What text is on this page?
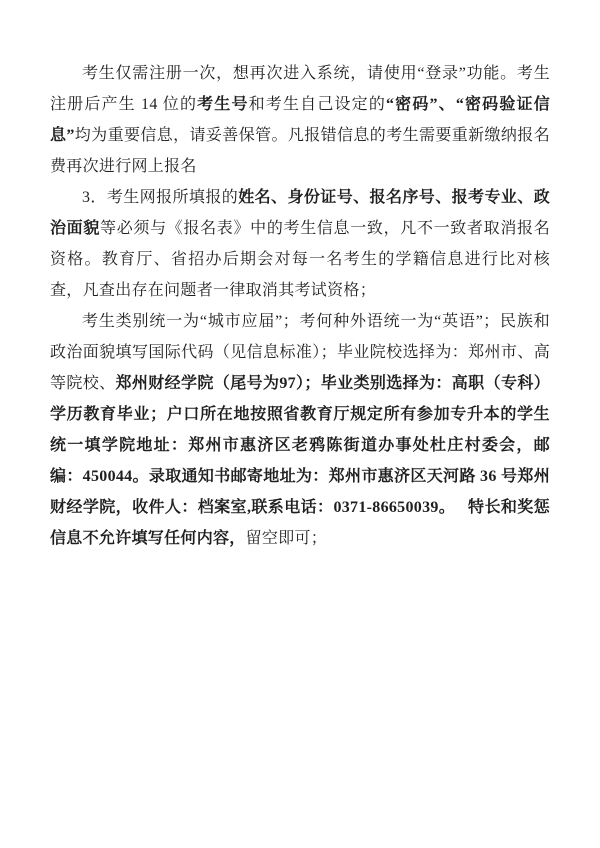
考生仅需注册一次，想再次进入系统，请使用“登录”功能。考生注册后产生 14 位的考生号和考生自己设定的“密码”、“密码验证信息”均为重要信息，请妥善保管。凡报错信息的考生需要重新缴纳报名费再次进行网上报名

3．考生网报所填报的姓名、身份证号、报名序号、报考专业、政治面貌等必须与《报名表》中的考生信息一致，凡不一致者取消报名资格。教育厅、省招办后期会对每一名考生的学籍信息进行比对核查，凡查出存在问题者一律取消其考试资格；

考生类别统一为“城市应届”；考何种外语统一为“英语”；民族和政治面貌填写国际代码（见信息标准）；毕业院校选择为：郑州市、高等院校、郑州财经学院（尾号为97）；毕业类别选择为：高职（专科）学历教育毕业；户口所在地按照省教育厅规定所有参加专升本的学生统一填学院地址：郑州市惠济区老鸦陈街道办事处杜庄村委会，邮编：450044。录取通知书邮寄地址为：郑州市惠济区天河路 36 号郑州财经学院，收件人：档案室,联系电话：0371-86650039。　 特长和奖惩信息不允许填写任何内容，留空即可；
